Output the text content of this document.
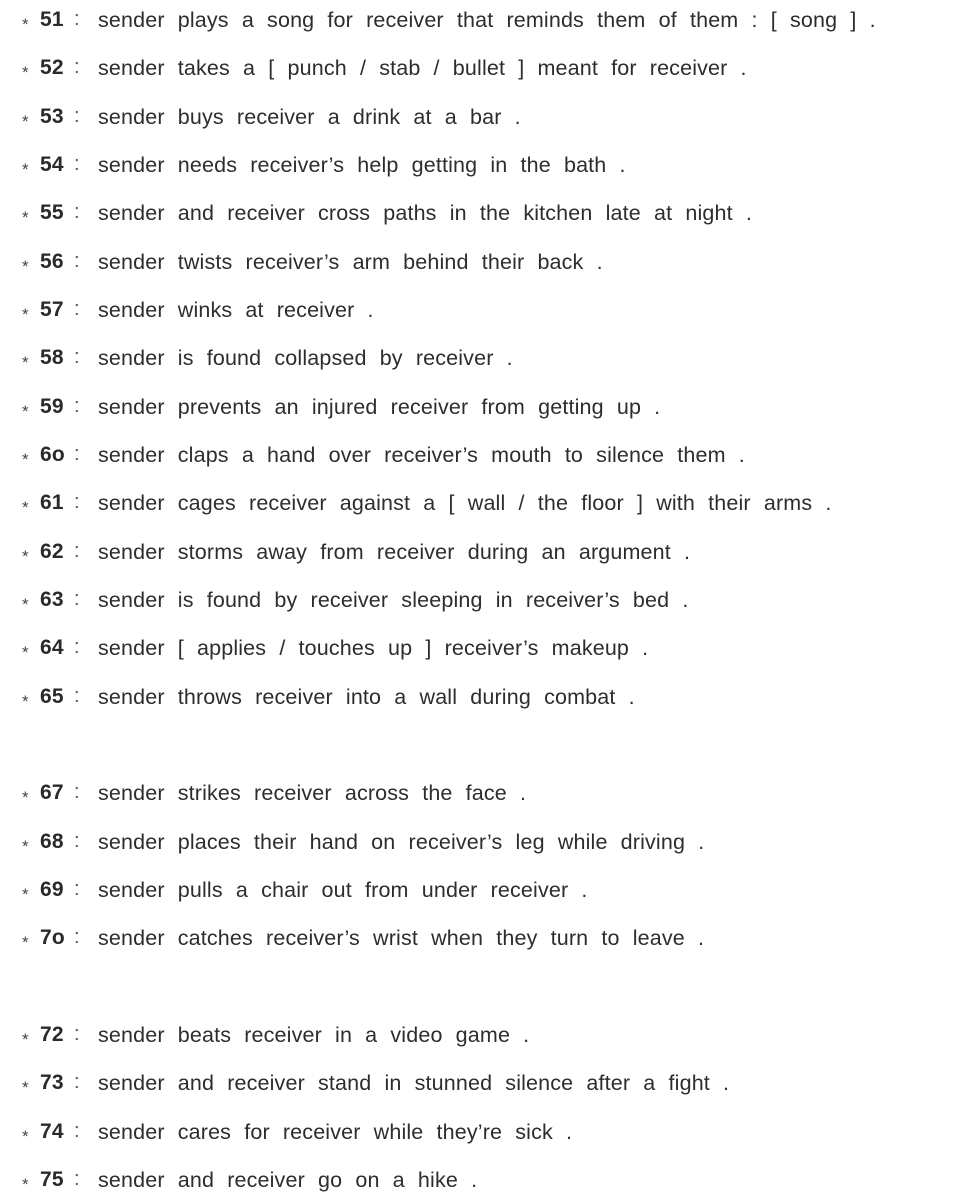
* 51 : sender plays a song for receiver that reminds them of them : [ song ] .
* 52 : sender takes a [ punch / stab / bullet ] meant for receiver .
* 53 : sender buys receiver a drink at a bar .
* 54 : sender needs receiver’s help getting in the bath .
* 55 : sender and receiver cross paths in the kitchen late at night .
* 56 : sender twists receiver’s arm behind their back .
* 57 : sender winks at receiver .
* 58 : sender is found collapsed by receiver .
* 59 : sender prevents an injured receiver from getting up .
* 6o : sender claps a hand over receiver’s mouth to silence them .
* 61 : sender cages receiver against a [ wall / the floor ] with their arms .
* 62 : sender storms away from receiver during an argument .
* 63 : sender is found by receiver sleeping in receiver’s bed .
* 64 : sender [ applies / touches up ] receiver’s makeup .
* 65 : sender throws receiver into a wall during combat .
* 67 : sender strikes receiver across the face .
* 68 : sender places their hand on receiver’s leg while driving .
* 69 : sender pulls a chair out from under receiver .
* 7o : sender catches receiver’s wrist when they turn to leave .
* 72 : sender beats receiver in a video game .
* 73 : sender and receiver stand in stunned silence after a fight .
* 74 : sender cares for receiver while they’re sick .
* 75 : sender and receiver go on a hike .
